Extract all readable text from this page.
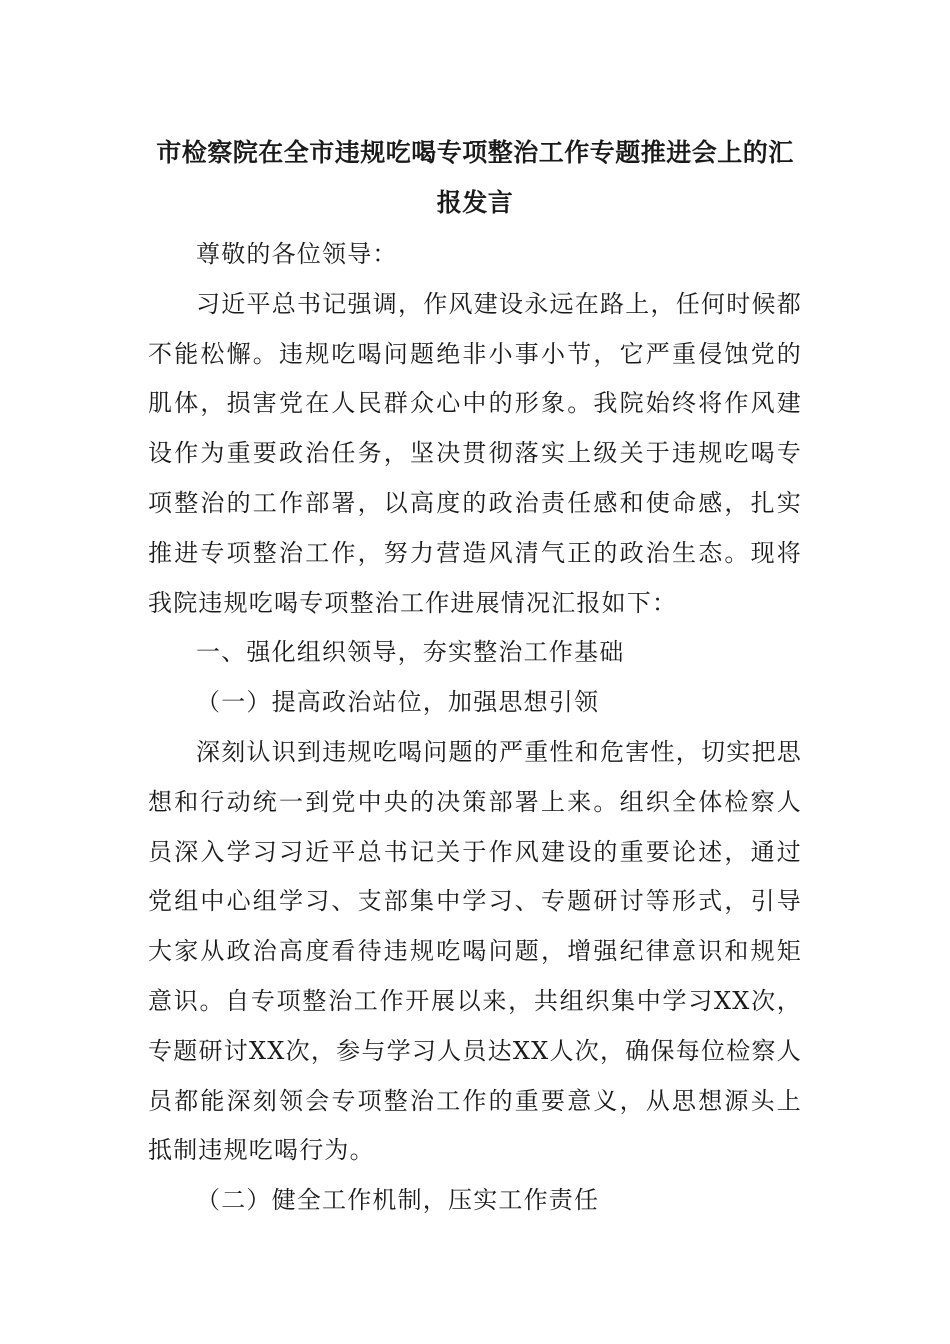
市检察院在全市违规吃喝专项整治工作专题推进会上的汇报发言

尊敬的各位领导：

习近平总书记强调，作风建设永远在路上，任何时候都不能松懈。违规吃喝问题绝非小事小节，它严重侵蚀党的肌体，损害党在人民群众心中的形象。我院始终将作风建设作为重要政治任务，坚决贯彻落实上级关于违规吃喝专项整治的工作部署，以高度的政治责任感和使命感，扎实推进专项整治工作，努力营造风清气正的政治生态。现将我院违规吃喝专项整治工作进展情况汇报如下：

一、强化组织领导，夯实整治工作基础

（一）提高政治站位，加强思想引领

深刻认识到违规吃喝问题的严重性和危害性，切实把思想和行动统一到党中央的决策部署上来。组织全体检察人员深入学习习近平总书记关于作风建设的重要论述，通过党组中心组学习、支部集中学习、专题研讨等形式，引导大家从政治高度看待违规吃喝问题，增强纪律意识和规矩意识。自专项整治工作开展以来，共组织集中学习XX次，专题研讨XX次，参与学习人员达XX人次，确保每位检察人员都能深刻领会专项整治工作的重要意义，从思想源头上抵制违规吃喝行为。

（二）健全工作机制，压实工作责任
